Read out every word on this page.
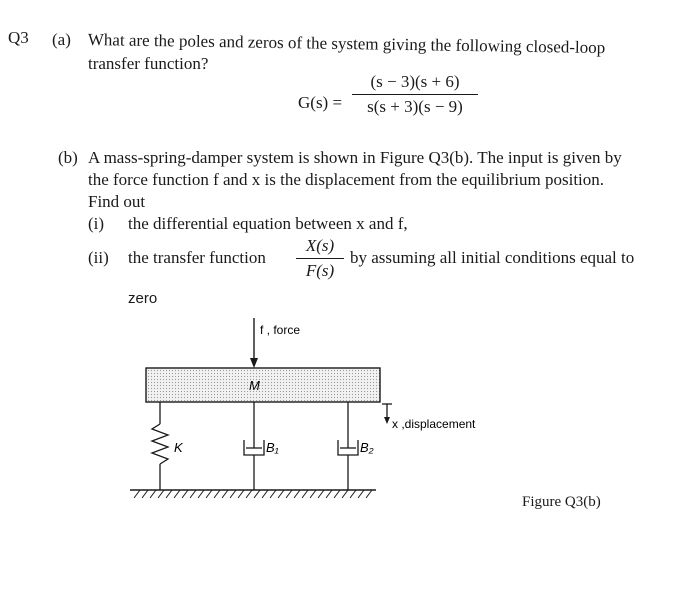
Q3 (a) What are the poles and zeros of the system giving the following closed-loop
transfer function?
G(s) =
(s − 3)(s + 6)
s(s + 3)(s − 9)
(b) A mass-spring-damper system is shown in Figure Q3(b). The input is given by
the force function f and x is the displacement from the equilibrium position.
Find out
(i) the differential equation between x and f,
(ii) the transfer function
X(s)
F(s)
by assuming all initial conditions equal to
zero
f , force
M
K	B₁	B₂
x ,displacement
Figure Q3(b)
